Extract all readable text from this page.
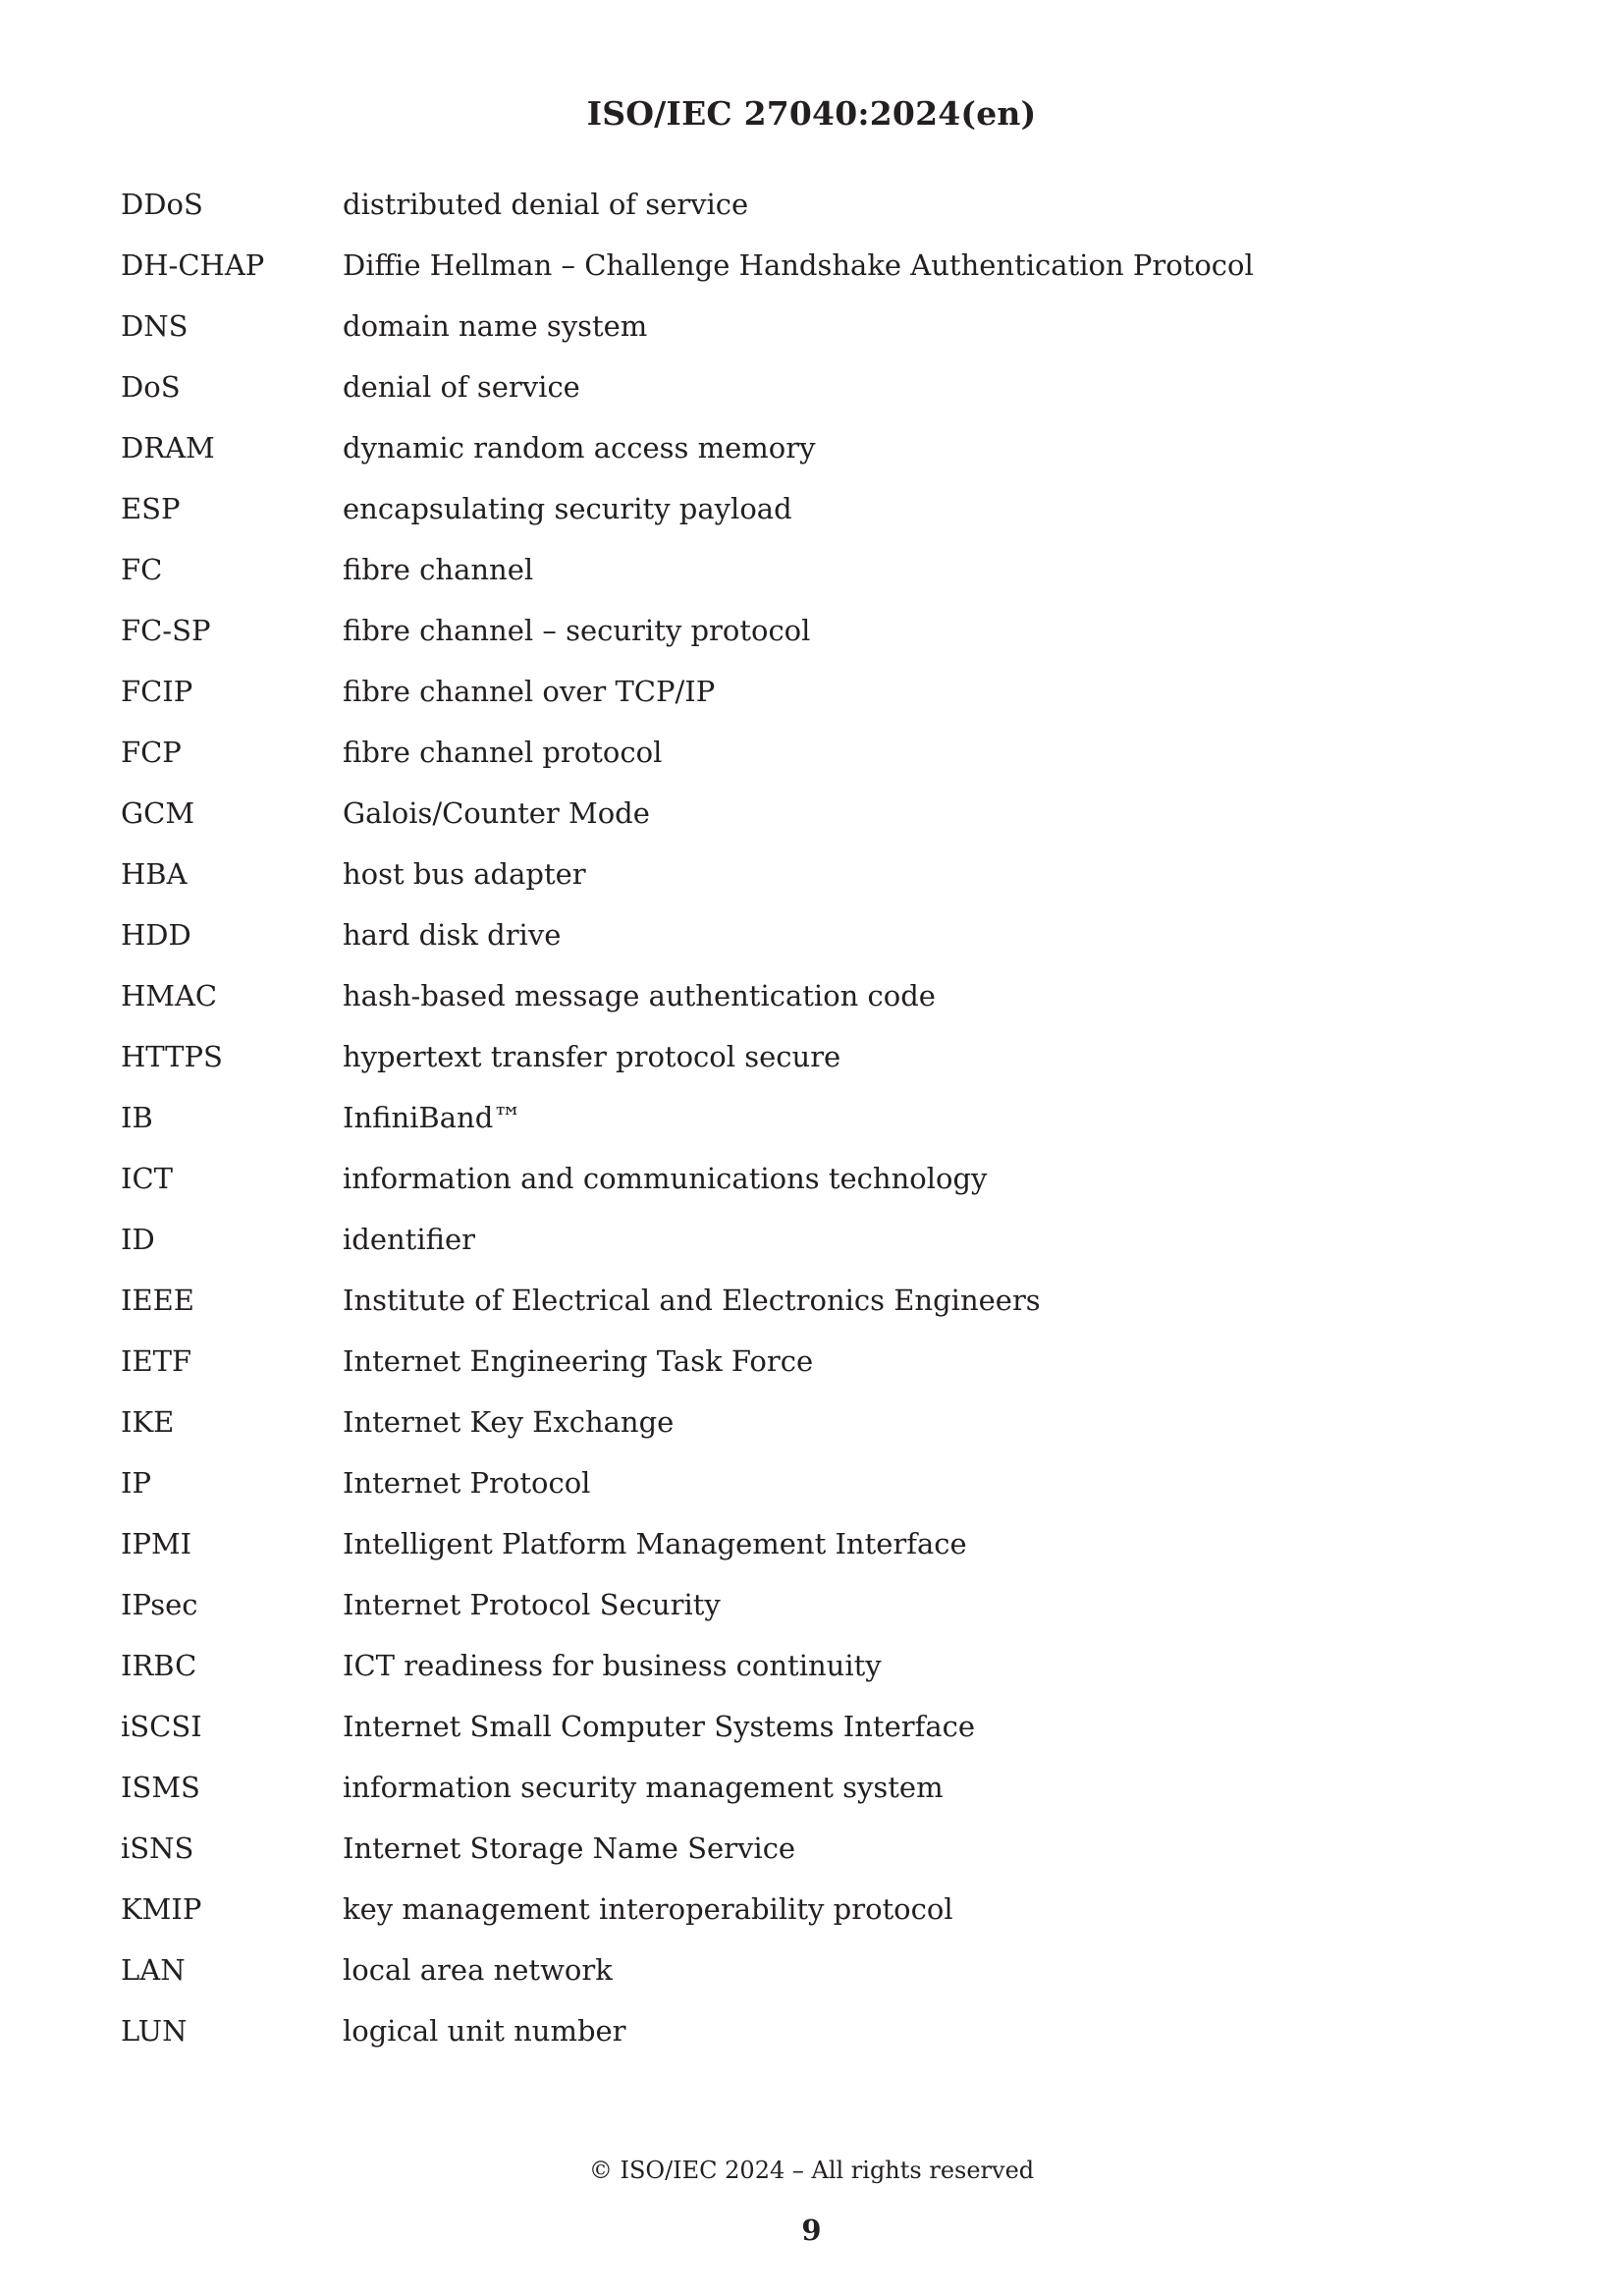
ISO/IEC 27040:2024(en)
DDoS	distributed denial of service
DH-CHAP	Diffie Hellman – Challenge Handshake Authentication Protocol
DNS	domain name system
DoS	denial of service
DRAM	dynamic random access memory
ESP	encapsulating security payload
FC	fibre channel
FC-SP	fibre channel – security protocol
FCIP	fibre channel over TCP/IP
FCP	fibre channel protocol
GCM	Galois/Counter Mode
HBA	host bus adapter
HDD	hard disk drive
HMAC	hash-based message authentication code
HTTPS	hypertext transfer protocol secure
IB	InfiniBand™
ICT	information and communications technology
ID	identifier
IEEE	Institute of Electrical and Electronics Engineers
IETF	Internet Engineering Task Force
IKE	Internet Key Exchange
IP	Internet Protocol
IPMI	Intelligent Platform Management Interface
IPsec	Internet Protocol Security
IRBC	ICT readiness for business continuity
iSCSI	Internet Small Computer Systems Interface
ISMS	information security management system
iSNS	Internet Storage Name Service
KMIP	key management interoperability protocol
LAN	local area network
LUN	logical unit number
© ISO/IEC 2024 – All rights reserved
9
